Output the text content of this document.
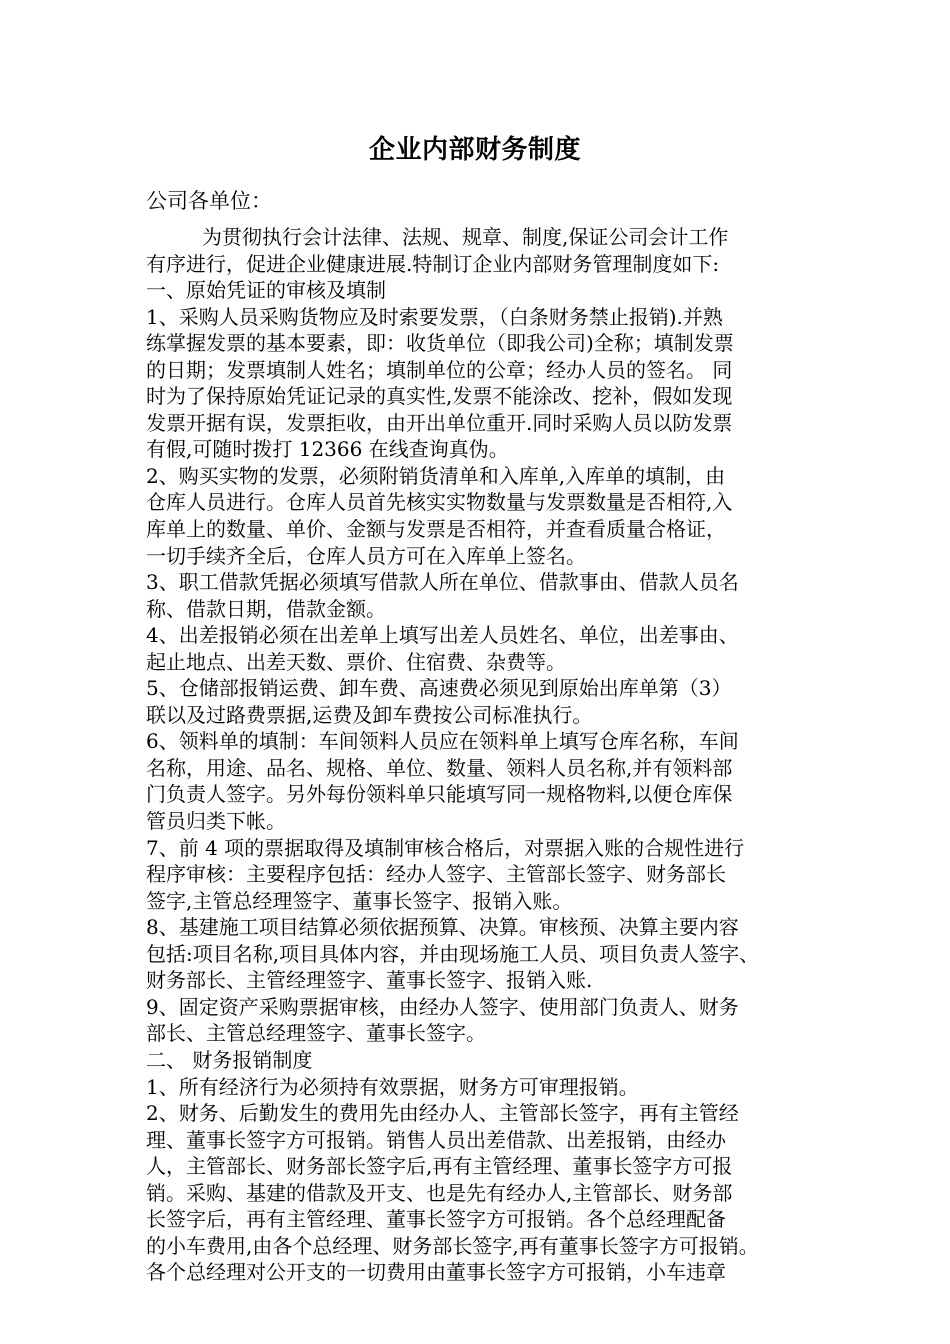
企业内部财务制度

公司各单位：

为贯彻执行会计法律、法规、规章、制度,保证公司会计工作
有序进行，促进企业健康进展.特制订企业内部财务管理制度如下:
一、原始凭证的审核及填制
1、采购人员采购货物应及时索要发票，（白条财务禁止报销).并熟
练掌握发票的基本要素，即：收货单位（即我公司)全称；填制发票
的日期；发票填制人姓名；填制单位的公章；经办人员的签名。 同
时为了保持原始凭证记录的真实性,发票不能涂改、挖补，假如发现
发票开据有误，发票拒收，由开出单位重开.同时采购人员以防发票
有假,可随时拨打 12366 在线查询真伪。
2、购买实物的发票，必须附销货清单和入库单,入库单的填制，由
仓库人员进行。仓库人员首先核实实物数量与发票数量是否相符,入
库单上的数量、单价、金额与发票是否相符，并查看质量合格证，
一切手续齐全后，仓库人员方可在入库单上签名。
3、职工借款凭据必须填写借款人所在单位、借款事由、借款人员名
称、借款日期，借款金额。
4、出差报销必须在出差单上填写出差人员姓名、单位，出差事由、
起止地点、出差天数、票价、住宿费、杂费等。
5、仓储部报销运费、卸车费、高速费必须见到原始出库单第（3）
联以及过路费票据,运费及卸车费按公司标准执行。
6、领料单的填制：车间领料人员应在领料单上填写仓库名称，车间
名称，用途、品名、规格、单位、数量、领料人员名称,并有领料部
门负责人签字。另外每份领料单只能填写同一规格物料,以便仓库保
管员归类下帐。
7、前 4 项的票据取得及填制审核合格后，对票据入账的合规性进行
程序审核：主要程序包括：经办人签字、主管部长签字、财务部长
签字,主管总经理签字、董事长签字、报销入账。
8、基建施工项目结算必须依据预算、决算。审核预、决算主要内容
包括:项目名称,项目具体内容，并由现场施工人员、项目负责人签字、
财务部长、主管经理签字、董事长签字、报销入账.
9、固定资产采购票据审核，由经办人签字、使用部门负责人、财务
部长、主管总经理签字、董事长签字。
二、 财务报销制度
1、所有经济行为必须持有效票据，财务方可审理报销。
2、财务、后勤发生的费用先由经办人、主管部长签字，再有主管经
理、董事长签字方可报销。销售人员出差借款、出差报销，由经办
人，主管部长、财务部长签字后,再有主管经理、董事长签字方可报
销。采购、基建的借款及开支、也是先有经办人,主管部长、财务部
长签字后，再有主管经理、董事长签字方可报销。各个总经理配备
的小车费用,由各个总经理、财务部长签字,再有董事长签字方可报销。
各个总经理对公开支的一切费用由董事长签字方可报销，小车违章
